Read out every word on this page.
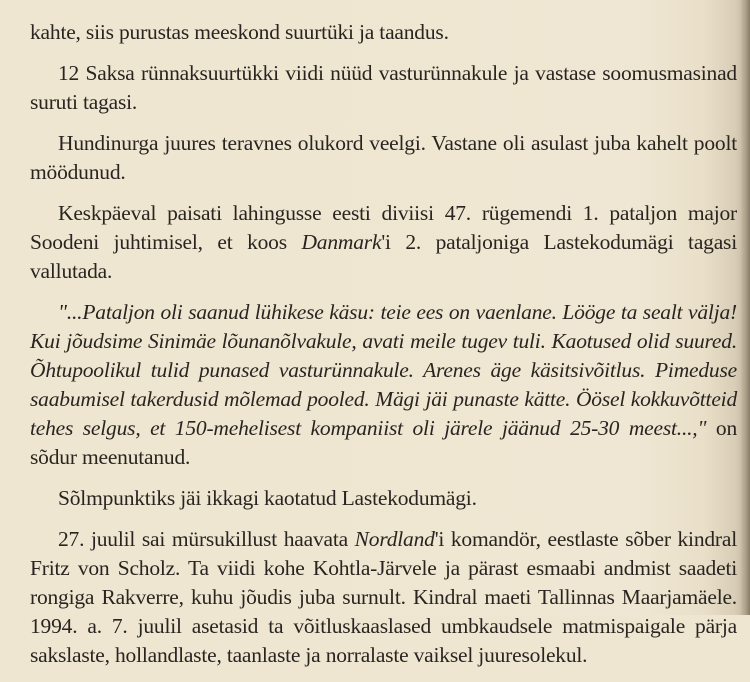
kahte, siis purustas meeskond suurtüki ja taandus.

12 Saksa rünnaksuurtükki viidi nüüd vasturünnakule ja vastase soomusmasinad suruti tagasi.

Hundinurga juures teravnes olukord veelgi. Vastane oli asulast juba kahelt poolt möödunud.

Keskpäeval paisati lahingusse eesti diviisi 47. rügemendi 1. pataljon major Soodeni juhtimisel, et koos Danmark'i 2. pataljoniga Lastekodumägi tagasi vallutada.

"...Pataljon oli saanud lühikese käsu: teie ees on vaenlane. Lööge ta sealt välja! Kui jõudsime Sinimäe lõunanõlvakule, avati meile tugev tuli. Kaotused olid suured. Õhtupoolikul tulid punased vasturünnakule. Arenes äge käsitsivõitlus. Pimeduse saabumisel takerdusid mõlemad pooled. Mägi jäi punaste kätte. Öösel kokkuvõtteid tehes selgus, et 150-mehelisest kompaniist oli järele jäänud 25-30 meest...," on sõdur meenutanud.

Sõlmpunktiks jäi ikkagi kaotatud Lastekodumägi.

27. juulil sai mürsukillust haavata Nordland'i komandör, eestlaste sõber kindral Fritz von Scholz. Ta viidi kohe Kohtla-Järvele ja pärast esmaabi andmist saadeti rongiga Rakverre, kuhu jõudis juba surnult. Kindral maeti Tallinnas Maarjamäele. 1994. a. 7. juulil asetasid ta võitluskaaslased umbkaudsele matmispaigale pärja sakslaste, hollandlaste, taanlaste ja norralaste vaiksel juuresolekul.
